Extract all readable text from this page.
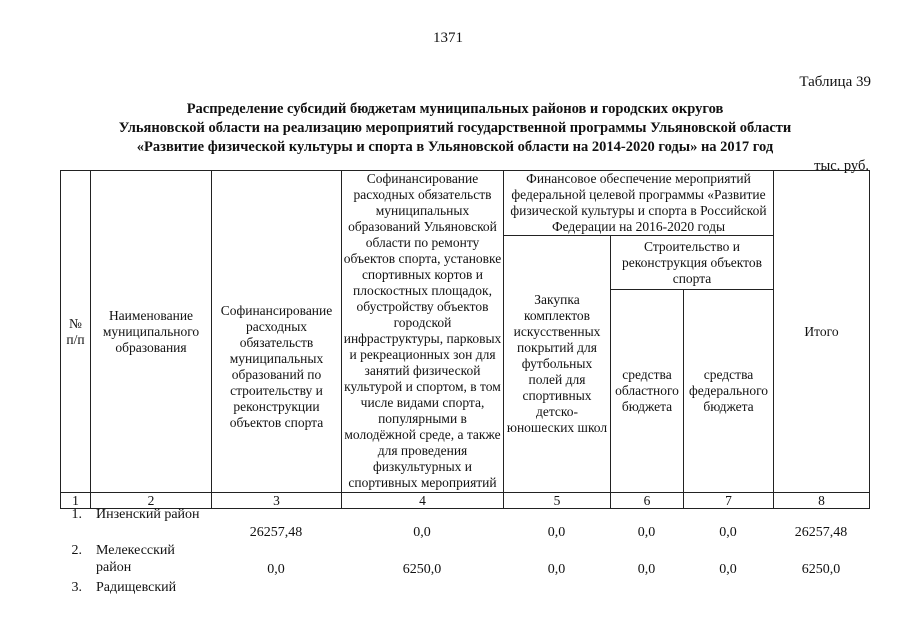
1371
Таблица 39
Распределение субсидий бюджетам муниципальных районов и городских округов
Ульяновской области на реализацию мероприятий государственной программы Ульяновской области
«Развитие физической культуры и спорта в Ульяновской области на 2014-2020 годы» на 2017 год
тыс. руб.
№ п/п	Наименование муниципального образования	Софинансирование расходных обязательств муниципальных образований по строительству и реконструкции объектов спорта	Софинансирование расходных обязательств муниципальных образований Ульяновской области по ремонту объектов спорта, установке спортивных кортов и плоскостных площадок, обустройству объектов городской инфраструктуры, парковых и рекреационных зон для занятий физической культурой и спортом, в том числе видами спорта, популярными в молодёжной среде, а также для проведения физкультурных и спортивных мероприятий	Финансовое обеспечение мероприятий федеральной целевой программы «Развитие физической культуры и спорта в Российской Федерации на 2016-2020 годы			Итого
				Закупка комплектов искусственных покрытий для футбольных полей для спортивных детско-юношеских школ	Строительство и реконструкция объектов спорта		
					средства областного бюджета	средства федерального бюджета	
1	2	3	4	5	6	7	8
1.	Инзенский район	26257,48	0,0	0,0	0,0	0,0	26257,48
2.	Мелекесский район	0,0	6250,0	0,0	0,0	0,0	6250,0
3.	Радищевский						
